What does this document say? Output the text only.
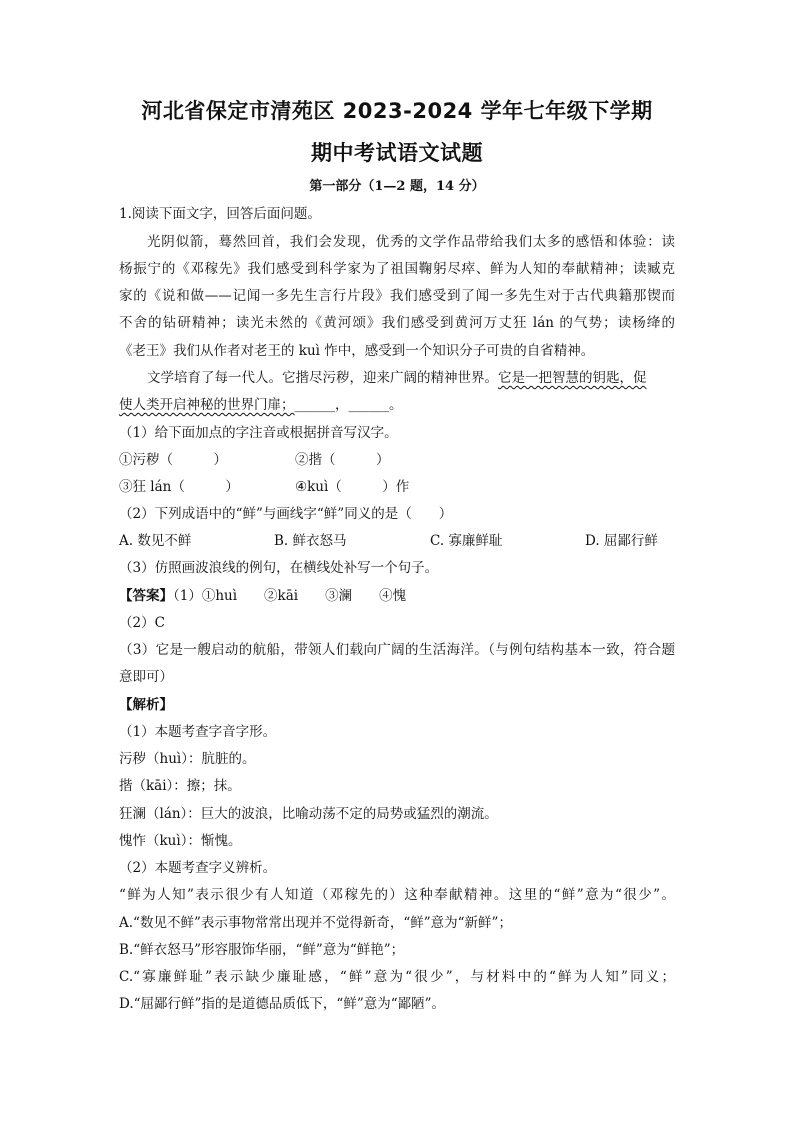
河北省保定市清苑区 2023-2024 学年七年级下学期
期中考试语文试题
第一部分（1—2 题，14 分）
1.阅读下面文字，回答后面问题。
光阴似箭，蓦然回首，我们会发现，优秀的文学作品带给我们太多的感悟和体验：读
杨振宁的《邓稼先》我们感受到科学家为了祖国鞠躬尽瘁、鲜为人知的奉献精神；读臧克
家的《说和做——记闻一多先生言行片段》我们感受到了闻一多先生对于古代典籍那锲而
不舍的钻研精神；读光未然的《黄河颂》我们感受到黄河万丈狂 lán 的气势；读杨绛的
《老王》我们从作者对老王的 kuì 怍中，感受到一个知识分子可贵的自省精神。
文学培育了每一代人。它揩尽污秽，迎来广阔的精神世界。它是一把智慧的钥匙，促
使人类开启神秘的世界门扉；______，______。
（1）给下面加点的字注音或根据拼音写汉字。
①污秽（　　　）	②揩（　　　）
③狂 lán（　　　）	④kuì（　　　）作
（2）下列成语中的“鲜”与画线字“鲜”同义的是（　　）
A. 数见不鲜	B. 鲜衣怒马	C. 寡廉鲜耻	D. 屈鄙行鲜
（3）仿照画波浪线的例句，在横线处补写一个句子。
【答案】（1）①huì　　②kāi　　③澜　　④愧
（2）C
（3）它是一艘启动的航船，带领人们载向广阔的生活海洋。（与例句结构基本一致，符合题
意即可）
【解析】
（1）本题考查字音字形。
污秽（huì）：肮脏的。
揩（kāi）：擦；抹。
狂澜（lán）：巨大的波浪，比喻动荡不定的局势或猛烈的潮流。
愧怍（kuì）：惭愧。
（2）本题考查字义辨析。
“鲜为人知”表示很少有人知道（邓稼先的）这种奉献精神。这里的“鲜”意为“很少”。
A.“数见不鲜”表示事物常常出现并不觉得新奇，“鲜”意为“新鲜”；
B.“鲜衣怒马”形容服饰华丽，“鲜”意为“鲜艳”；
C.“寡廉鲜耻”表示缺少廉耻感，“鲜”意为“很少”，与材料中的“鲜为人知”同义；
D.“屈鄙行鲜”指的是道德品质低下，“鲜”意为“鄙陋”。
